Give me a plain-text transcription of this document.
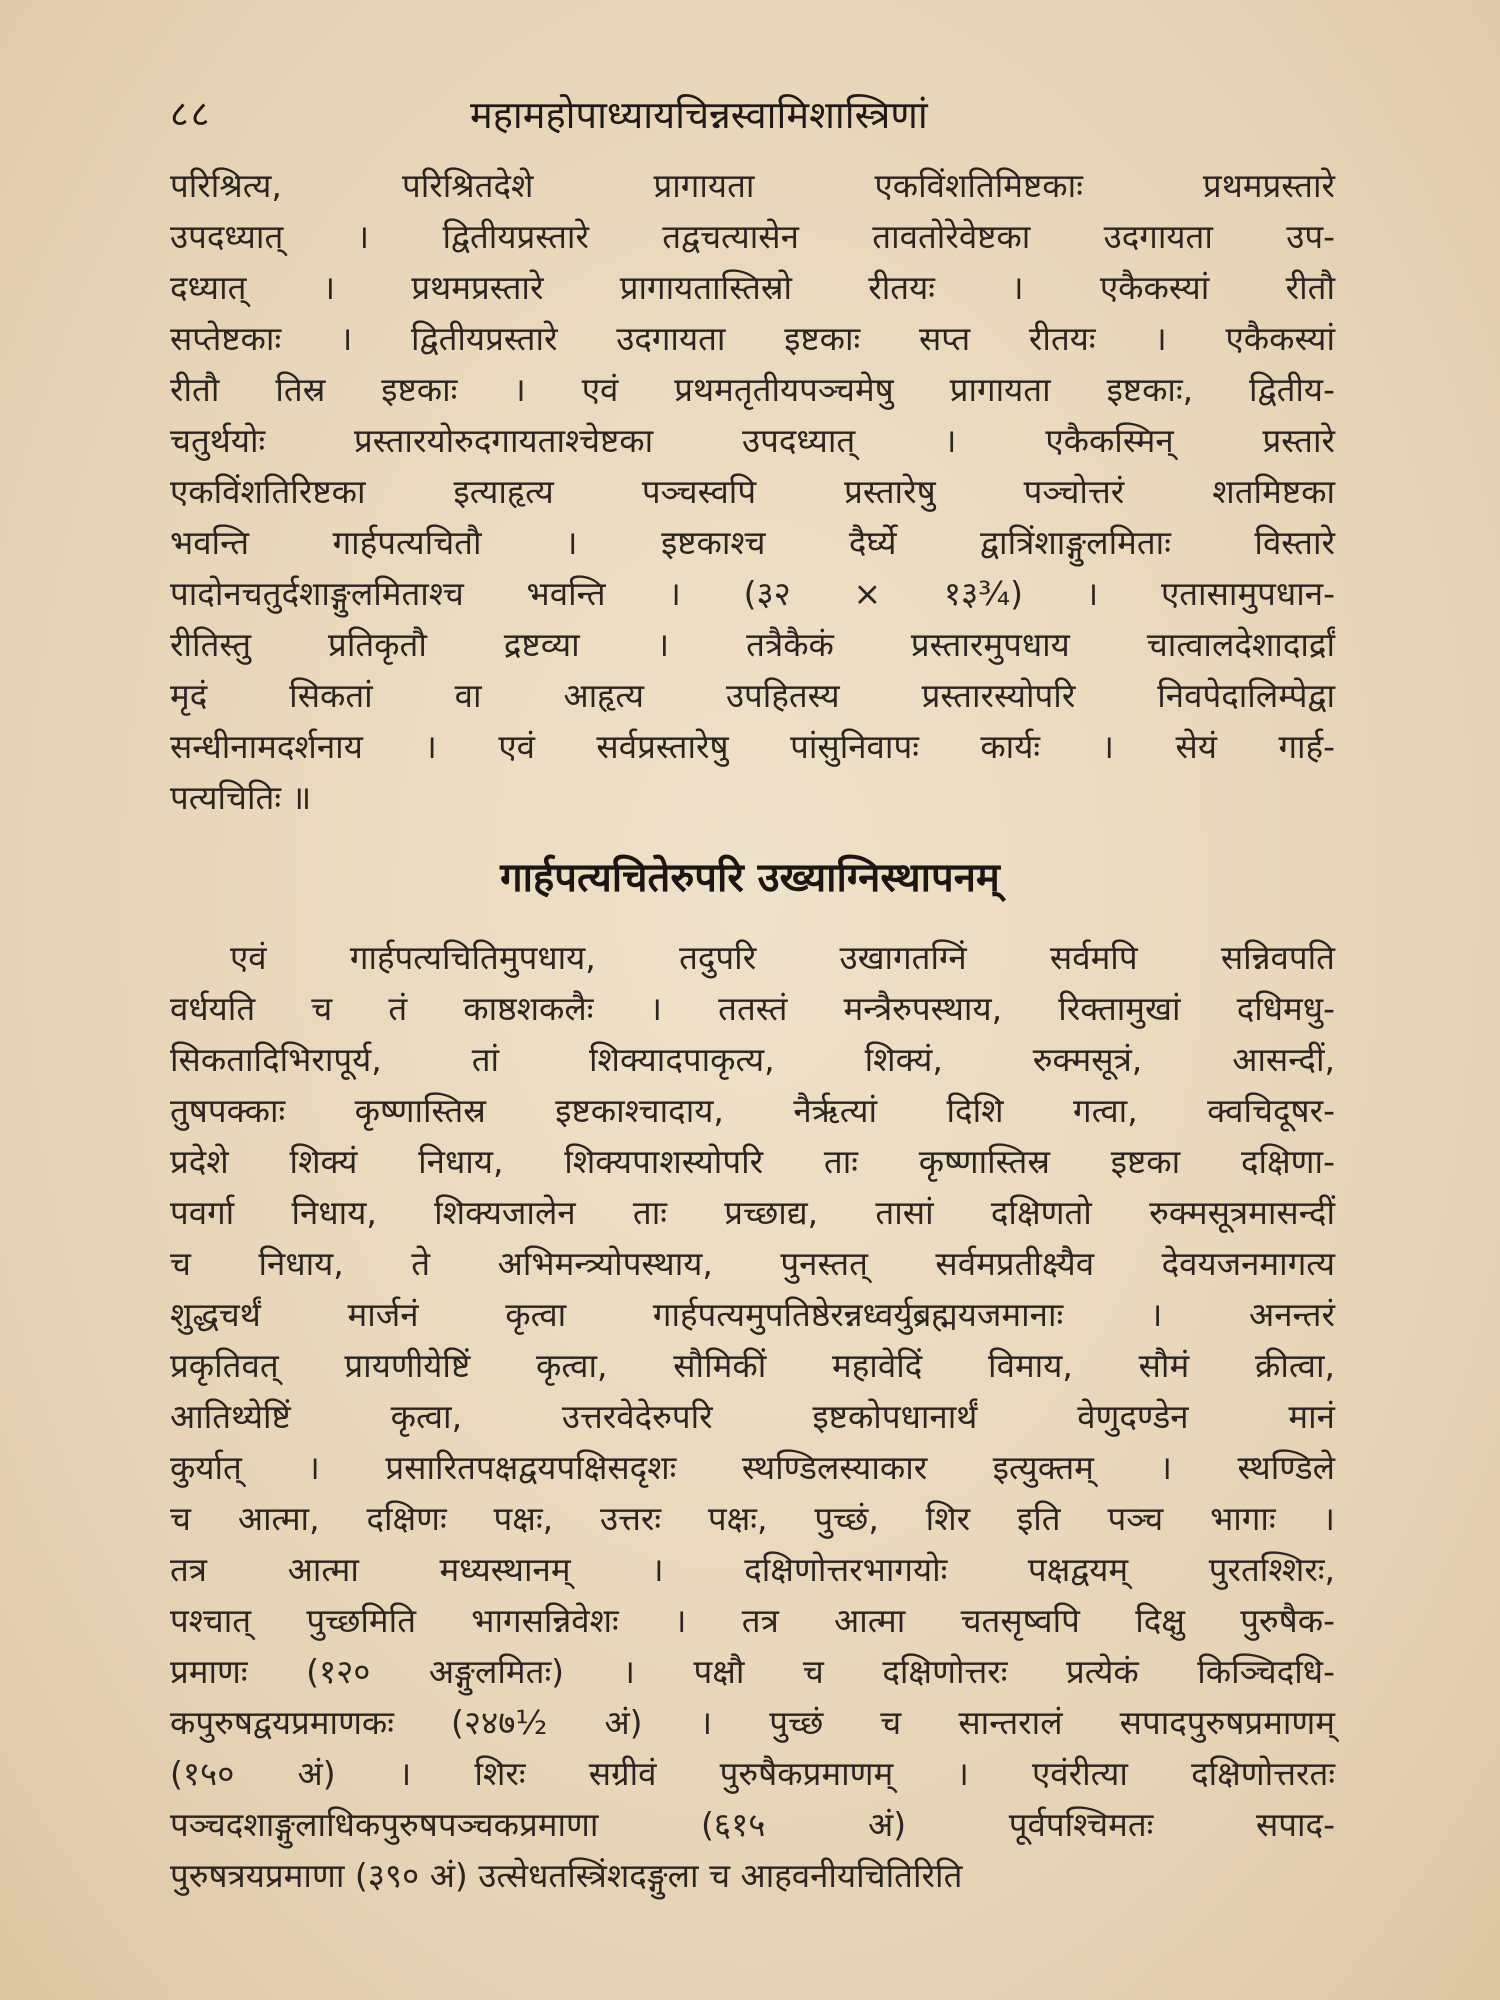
८८	महामहोपाध्यायचिन्नस्वामिशास्त्रिणां
परिश्रित्य, परिश्रितदेशे प्रागायता एकविंशतिमिष्टकाः प्रथमप्रस्तारे
उपदध्यात् । द्वितीयप्रस्तारे तद्वचत्यासेन तावतोरेवेष्टका उदगायता उप-
दध्यात् । प्रथमप्रस्तारे प्रागायतास्तिस्रो रीतयः । एकैकस्यां रीतौ
सप्तेष्टकाः । द्वितीयप्रस्तारे उदगायता इष्टकाः सप्त रीतयः । एकैकस्यां
रीतौ तिस्र इष्टकाः । एवं प्रथमतृतीयपञ्चमेषु प्रागायता इष्टकाः, द्वितीय-
चतुर्थयोः प्रस्तारयोरुदगायताश्चेष्टका उपदध्यात् । एकैकस्मिन् प्रस्तारे
एकविंशतिरिष्टका इत्याहृत्य पञ्चस्वपि प्रस्तारेषु पञ्चोत्तरं शतमिष्टका
भवन्ति गार्हपत्यचितौ । इष्टकाश्च दैर्घ्ये द्वात्रिंशाङ्गुलमिताः विस्तारे
पादोनचतुर्दशाङ्गुलमिताश्च भवन्ति । (३२ × १३¾) । एतासामुपधान-
रीतिस्तु प्रतिकृतौ द्रष्टव्या । तत्रैकैकं प्रस्तारमुपधाय चात्वालदेशादार्द्रां
मृदं सिकतां वा आहृत्य उपहितस्य प्रस्तारस्योपरि निवपेदालिम्पेद्वा
सन्धीनामदर्शनाय । एवं सर्वप्रस्तारेषु पांसुनिवापः कार्यः । सेयं गार्ह-
पत्यचितिः ॥
गार्हपत्यचितेरुपरि उख्याग्निस्थापनम्
एवं गार्हपत्यचितिमुपधाय, तदुपरि उखागतग्निं सर्वमपि सन्निवपति
वर्धयति च तं काष्ठशकलैः । ततस्तं मन्त्रैरुपस्थाय, रिक्तामुखां दधिमधु-
सिकतादिभिरापूर्य, तां शिक्यादपाकृत्य, शिक्यं, रुक्मसूत्रं, आसन्दीं,
तुषपक्काः कृष्णास्तिस्र इष्टकाश्चादाय, नैर्ऋत्यां दिशि गत्वा, क्वचिदूषर-
प्रदेशे शिक्यं निधाय, शिक्यपाशस्योपरि ताः कृष्णास्तिस्र इष्टका दक्षिणा-
पवर्गा निधाय, शिक्यजालेन ताः प्रच्छाद्य, तासां दक्षिणतो रुक्मसूत्रमासन्दीं
च निधाय, ते अभिमन्त्र्योपस्थाय, पुनस्तत् सर्वमप्रतीक्ष्यैव देवयजनमागत्य
शुद्धचर्थं मार्जनं कृत्वा गार्हपत्यमुपतिष्ठेरन्नध्वर्युब्रह्मयजमानाः । अनन्तरं
प्रकृतिवत् प्रायणीयेष्टिं कृत्वा, सौमिकीं महावेदिं विमाय, सौमं क्रीत्वा,
आतिथ्येष्टिं कृत्वा, उत्तरवेदेरुपरि इष्टकोपधानार्थं वेणुदण्डेन मानं
कुर्यात् । प्रसारितपक्षद्वयपक्षिसदृशः स्थण्डिलस्याकार इत्युक्तम् । स्थण्डिले
च आत्मा, दक्षिणः पक्षः, उत्तरः पक्षः, पुच्छं, शिर इति पञ्च भागाः ।
तत्र आत्मा मध्यस्थानम् । दक्षिणोत्तरभागयोः पक्षद्वयम् पुरतश्शिरः,
पश्चात् पुच्छमिति भागसन्निवेशः । तत्र आत्मा चतसृष्वपि दिक्षु पुरुषैक-
प्रमाणः (१२० अङ्गुलमितः) । पक्षौ च दक्षिणोत्तरः प्रत्येकं किञ्चिदधि-
कपुरुषद्वयप्रमाणकः (२४७½ अं) । पुच्छं च सान्तरालं सपादपुरुषप्रमाणम्
(१५० अं) । शिरः सग्रीवं पुरुषैकप्रमाणम् । एवंरीत्या दक्षिणोत्तरतः
पञ्चदशाङ्गुलाधिकपुरुषपञ्चकप्रमाणा (६१५ अं) पूर्वपश्चिमतः सपाद-
पुरुषत्रयप्रमाणा (३९० अं) उत्सेधतस्त्रिंशदङ्गुला च आहवनीयचितिरिति
